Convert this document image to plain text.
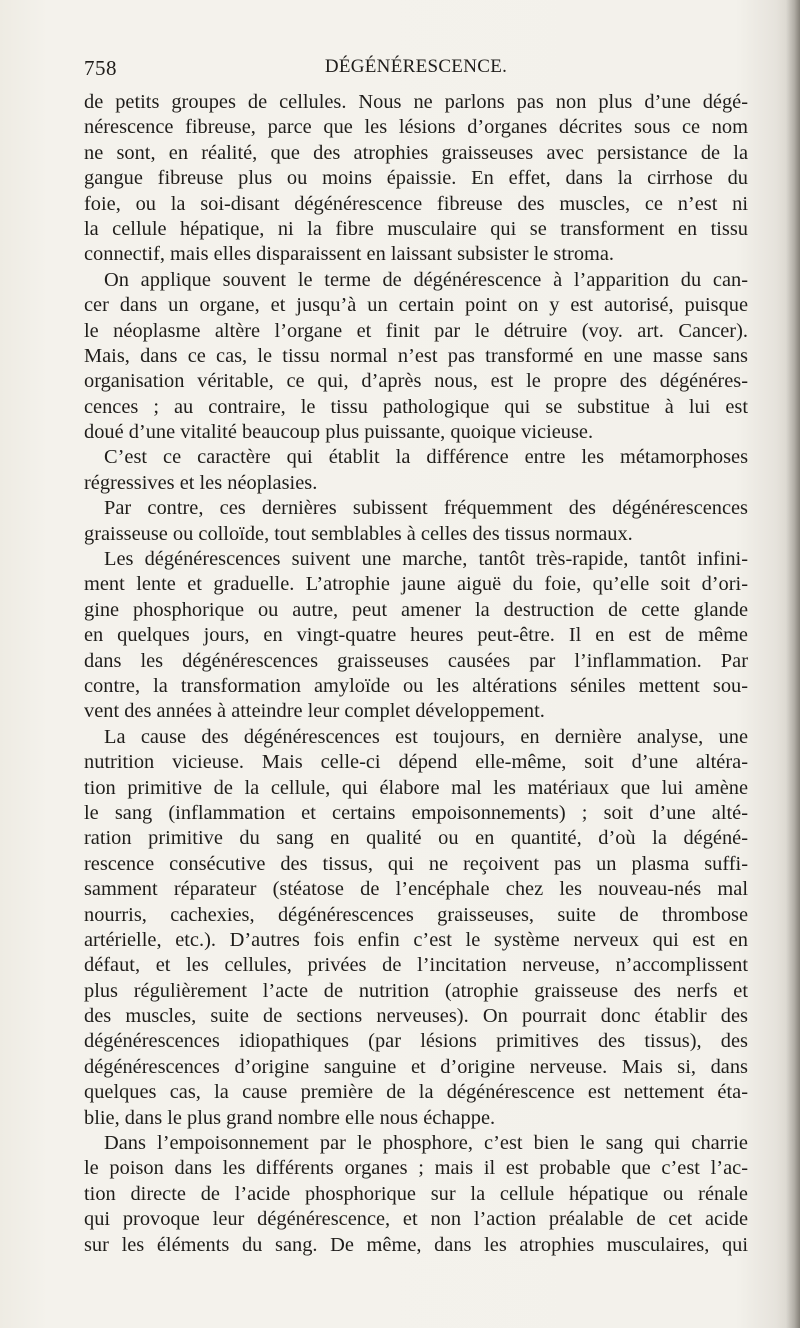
758	DÉGÉNÉRESCENCE.
de petits groupes de cellules. Nous ne parlons pas non plus d’une dégé-
nérescence fibreuse, parce que les lésions d’organes décrites sous ce nom
ne sont, en réalité, que des atrophies graisseuses avec persistance de la
gangue fibreuse plus ou moins épaissie. En effet, dans la cirrhose du
foie, ou la soi-disant dégénérescence fibreuse des muscles, ce n’est ni
la cellule hépatique, ni la fibre musculaire qui se transforment en tissu
connectif, mais elles disparaissent en laissant subsister le stroma.
On applique souvent le terme de dégénérescence à l’apparition du can-
cer dans un organe, et jusqu’à un certain point on y est autorisé, puisque
le néoplasme altère l’organe et finit par le détruire (voy. art. Cancer).
Mais, dans ce cas, le tissu normal n’est pas transformé en une masse sans
organisation véritable, ce qui, d’après nous, est le propre des dégénéres-
cences ; au contraire, le tissu pathologique qui se substitue à lui est
doué d’une vitalité beaucoup plus puissante, quoique vicieuse.
C’est ce caractère qui établit la différence entre les métamorphoses
régressives et les néoplasies.
Par contre, ces dernières subissent fréquemment des dégénérescences
graisseuse ou colloïde, tout semblables à celles des tissus normaux.
Les dégénérescences suivent une marche, tantôt très-rapide, tantôt infini-
ment lente et graduelle. L’atrophie jaune aiguë du foie, qu’elle soit d’ori-
gine phosphorique ou autre, peut amener la destruction de cette glande
en quelques jours, en vingt-quatre heures peut-être. Il en est de même
dans les dégénérescences graisseuses causées par l’inflammation. Par
contre, la transformation amyloïde ou les altérations séniles mettent sou-
vent des années à atteindre leur complet développement.
La cause des dégénérescences est toujours, en dernière analyse, une
nutrition vicieuse. Mais celle-ci dépend elle-même, soit d’une altéra-
tion primitive de la cellule, qui élabore mal les matériaux que lui amène
le sang (inflammation et certains empoisonnements) ; soit d’une alté-
ration primitive du sang en qualité ou en quantité, d’où la dégéné-
rescence consécutive des tissus, qui ne reçoivent pas un plasma suffi-
samment réparateur (stéatose de l’encéphale chez les nouveau-nés mal
nourris, cachexies, dégénérescences graisseuses, suite de thrombose
artérielle, etc.). D’autres fois enfin c’est le système nerveux qui est en
défaut, et les cellules, privées de l’incitation nerveuse, n’accomplissent
plus régulièrement l’acte de nutrition (atrophie graisseuse des nerfs et
des muscles, suite de sections nerveuses). On pourrait donc établir des
dégénérescences idiopathiques (par lésions primitives des tissus), des
dégénérescences d’origine sanguine et d’origine nerveuse. Mais si, dans
quelques cas, la cause première de la dégénérescence est nettement éta-
blie, dans le plus grand nombre elle nous échappe.
Dans l’empoisonnement par le phosphore, c’est bien le sang qui charrie
le poison dans les différents organes ; mais il est probable que c’est l’ac-
tion directe de l’acide phosphorique sur la cellule hépatique ou rénale
qui provoque leur dégénérescence, et non l’action préalable de cet acide
sur les éléments du sang. De même, dans les atrophies musculaires, qui
